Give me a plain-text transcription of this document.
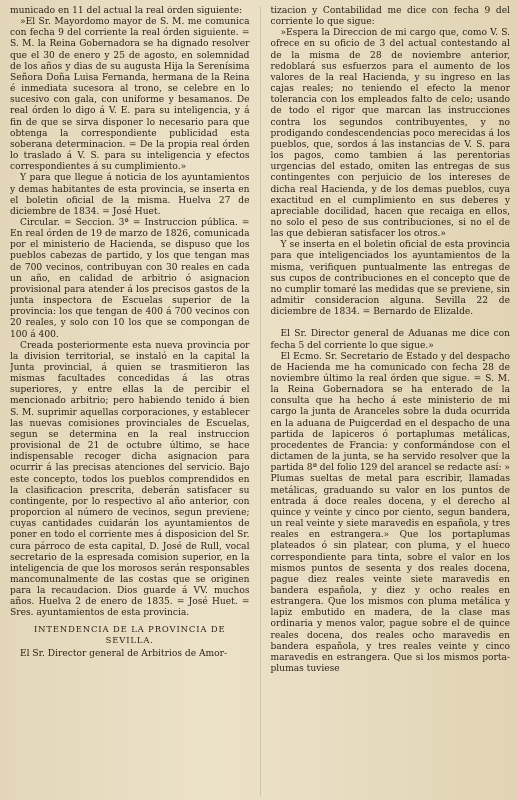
municado en 11 del actual la real órden siguiente:

»El Sr. Mayordomo mayor de S. M. me comunica con fecha 9 del corriente la real órden siguiente. = S. M. la Reina Gobernadora se ha dignado resolver que el 30 de enero y 25 de agosto, en solemnidad de los años y dias de su augusta Hija la Serenísima Señora Doña Luisa Fernanda, hermana de la Reina é inmediata sucesora al trono, se celebre en lo sucesivo con gala, con uniforme y besamanos. De real órden lo digo á V. E. para su inteligencia, y á fin de que se sirva disponer lo necesario para que obtenga la correspondiente publicidad esta soberana determinacion. = De la propia real órden lo traslado á V. S. para su inteligencia y efectos correspondientes á su cumplimiento.»

Y para que llegue á noticia de los ayuntamientos y demas habitantes de esta provincia, se inserta en el boletin oficial de la misma. Huelva 27 de diciembre de 1834. = José Huet.

Circular. = Seccion. 3ª = Instruccion pública. = En real órden de 19 de marzo de 1826, comunicada por el ministerio de Hacienda, se dispuso que los pueblos cabezas de partido, y los que tengan mas de 700 vecinos, contribuyan con 30 reales en cada un año, en calidad de arbitrio ó asignacion provisional para atender á los precisos gastos de la junta inspectora de Escuelas superior de la provincia: los que tengan de 400 á 700 vecinos con 20 reales, y solo con 10 los que se compongan de 100 á 400.

Creada posteriormente esta nueva provincia por la division territorial, se instaló en la capital la Junta provincial, á quien se trasmitieron las mismas facultades concedidas á las otras superiores, y entre ellas la de percibir el mencionado arbitrio; pero habiendo tenido á bien S. M. suprimir aquellas corporaciones, y establecer las nuevas comisiones provinciales de Escuelas, segun se determina en la real instruccion provisional de 21 de octubre último, se hace indispensable recoger dicha asignacion para ocurrir á las precisas atenciones del servicio. Bajo este concepto, todos los pueblos comprendidos en la clasificacion prescrita, deberán satisfacer su contingente, por lo respectivo al año anterior, con proporcion al número de vecinos, segun previene; cuyas cantidades cuidarán los ayuntamientos de poner en todo el corriente mes á disposicion del Sr. cura párroco de esta capital, D. José de Rull, vocal secretario de la espresada comision superior, en la inteligencia de que los morosos serán responsables mancomunalmente de las costas que se originen para la recaudacion. Dios guarde á VV. muchos años. Huelva 2 de enero de 1835. = José Huet. = Sres. ayuntamientos de esta provincia.

INTENDENCIA DE LA PROVINCIA DE SEVILLA.

El Sr. Director general de Arbitrios de Amor-

tizacion y Contabilidad me dice con fecha 9 del corriente lo que sigue:

»Espera la Direccion de mi cargo que, como V. S. ofrece en su oficio de 3 del actual contestando al de la misma de 28 de noviembre anterior, redoblará sus esfuerzos para el aumento de los valores de la real Hacienda, y su ingreso en las cajas reales; no teniendo el efecto la menor tolerancia con los empleados falto de celo; usando de todo el rigor que marcan las instrucciones contra los segundos contribuyentes, y no prodigando condescendencias poco merecidas á los pueblos, que, sordos á las instancias de V. S. para los pagos, como tambien á las perentorias urgencias del estado, omiten las entregas de sus contingentes con perjuicio de los intereses de dicha real Hacienda, y de los demas pueblos, cuya exactitud en el cumplimiento en sus deberes y apreciable docilidad, hacen que recaiga en ellos, no solo el peso de sus contribuciones, si no el de las que debieran satisfacer los otros.»

Y se inserta en el boletin oficial de esta provincia para que inteligenciados los ayuntamientos de la misma, verifiquen puntualmente las entregas de sus cupos de contribuciones en el concepto que de no cumplir tomaré las medidas que se previene, sin admitir consideracion alguna. Sevilla 22 de diciembre de 1834. = Bernardo de Elizalde.

El Sr. Director general de Aduanas me dice con fecha 5 del corriente lo que sigue.»

El Ecmo. Sr. Secretario de Estado y del despacho de Hacienda me ha comunicado con fecha 28 de noviembre último la real órden que sigue. = S. M. la Reina Gobernadora se ha enterado de la consulta que ha hecho á este ministerio de mi cargo la junta de Aranceles sobre la duda ocurrida en la aduana de Puigcerdad en el despacho de una partida de lapiceros ó portaplumas metálicas, procedentes de Francia: y conformándose con el dictamen de la junta, se ha servido resolver que la partida 8ª del folio 129 del arancel se redacte así: » Plumas sueltas de metal para escribir, llamadas metálicas, graduando su valor en los puntos de entrada á doce reales docena, y el derecho al quince y veinte y cinco por ciento, segun bandera, un real veinte y siete maravedis en española, y tres reales en estrangera.» Que los portaplumas plateados ó sin platear, con pluma, y el hueco correspondiente para tinta, sobre el valor en los mismos puntos de sesenta y dos reales docena, pague diez reales veinte siete maravedis en bandera española, y diez y ocho reales en estrangera. Que los mismos con pluma metálica y lapiz embutido en madera, de la clase mas ordinaria y menos valor, pague sobre el de quince reales docena, dos reales ocho maravedis en bandera española, y tres reales veinte y cinco maravedis en estrangera. Que si los mismos porta-plumas tuviese
